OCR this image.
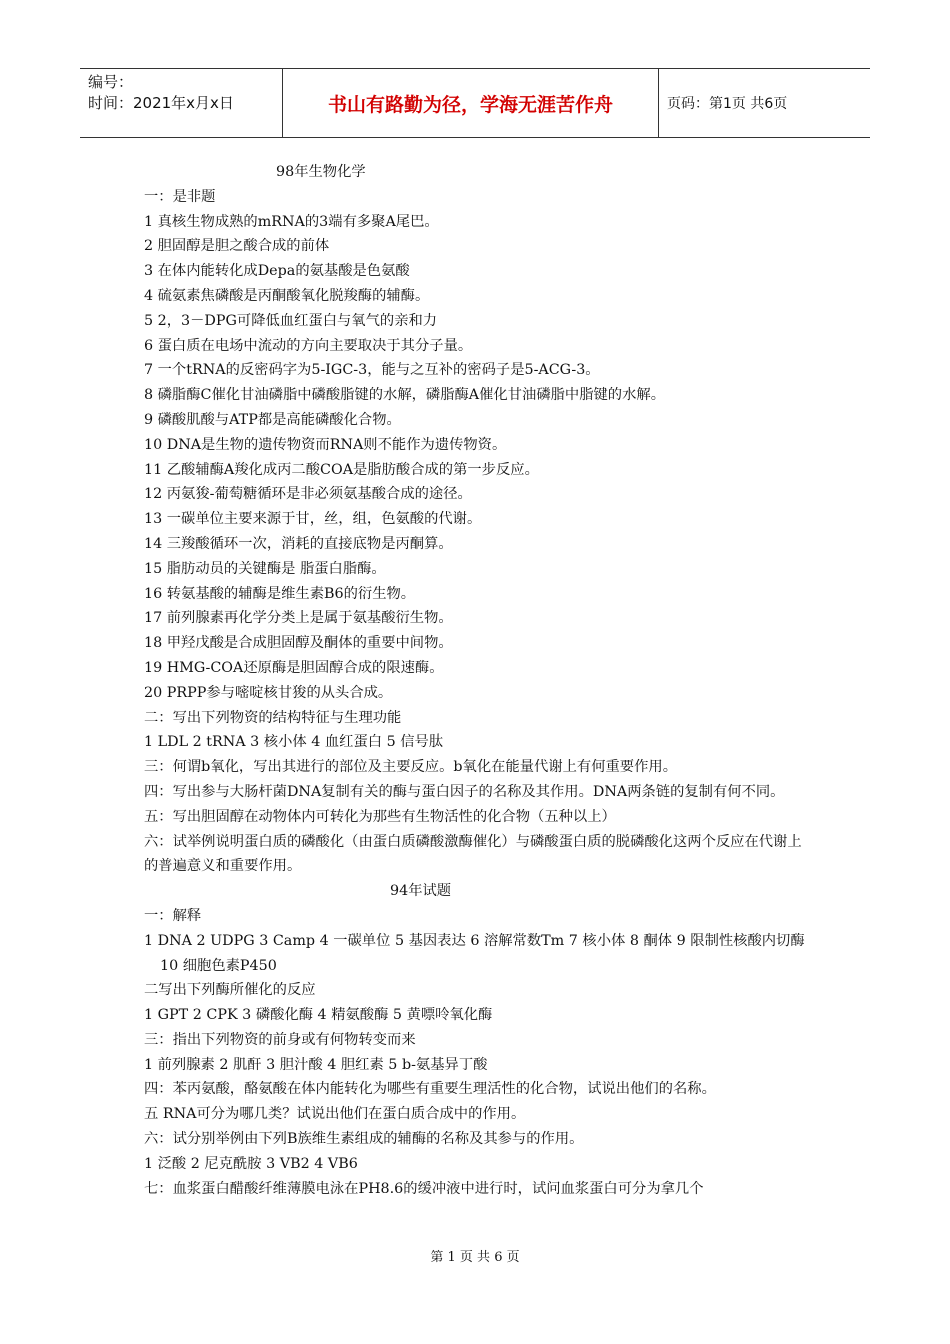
编号：
时间：2021年x月x日	书山有路勤为径，学海无涯苦作舟	页码：第1页 共6页

98年生物化学

一：是非题

1 真核生物成熟的mRNA的3端有多聚A尾巴。

2 胆固醇是胆之酸合成的前体

3 在体内能转化成Depa的氨基酸是色氨酸

4 硫氨素焦磷酸是丙酮酸氧化脱羧酶的辅酶。

5 2，3－DPG可降低血红蛋白与氧气的亲和力

6 蛋白质在电场中流动的方向主要取决于其分子量。

7 一个tRNA的反密码字为5-IGC-3，能与之互补的密码子是5-ACG-3。

8 磷脂酶C催化甘油磷脂中磷酸脂键的水解，磷脂酶A催化甘油磷脂中脂键的水解。

9 磷酸肌酸与ATP都是高能磷酸化合物。

10 DNA是生物的遗传物资而RNA则不能作为遗传物资。

11 乙酸辅酶A羧化成丙二酸COA是脂肪酸合成的第一步反应。

12 丙氨狻-葡萄糖循环是非必须氨基酸合成的途径。

13 一碳单位主要来源于甘，丝，组，色氨酸的代谢。

14 三羧酸循环一次，消耗的直接底物是丙酮算。

15 脂肪动员的关键酶是 脂蛋白脂酶。

16 转氨基酸的辅酶是维生素B6的衍生物。

17 前列腺素再化学分类上是属于氨基酸衍生物。

18 甲羟戊酸是合成胆固醇及酮体的重要中间物。

19 HMG-COA还原酶是胆固醇合成的限速酶。

20 PRPP参与嘧啶核甘狻的从头合成。

二：写出下列物资的结构特征与生理功能

1 LDL 2 tRNA 3 核小体 4 血红蛋白 5 信号肽

三：何谓b氧化，写出其进行的部位及主要反应。b氧化在能量代谢上有何重要作用。

四：写出参与大肠杆菌DNA复制有关的酶与蛋白因子的名称及其作用。DNA两条链的复制有何不同。

五：写出胆固醇在动物体内可转化为那些有生物活性的化合物（五种以上）

六：试举例说明蛋白质的磷酸化（由蛋白质磷酸激酶催化）与磷酸蛋白质的脱磷酸化这两个反应在代谢上的普遍意义和重要作用。

94年试题

一：解释

1 DNA 2 UDPG 3 Camp 4 一碳单位 5 基因表达 6 溶解常数Tm 7 核小体 8 酮体 9 限制性核酸内切酶 10 细胞色素P450

二写出下列酶所催化的反应

1 GPT 2 CPK 3 磷酸化酶 4 精氨酸酶 5 黄嘌呤氧化酶

三：指出下列物资的前身或有何物转变而来

1 前列腺素 2 肌酐 3 胆汁酸 4 胆红素 5 b-氨基异丁酸

四：苯丙氨酸，酪氨酸在体内能转化为哪些有重要生理活性的化合物，试说出他们的名称。

五 RNA可分为哪几类？试说出他们在蛋白质合成中的作用。

六：试分别举例由下列B族维生素组成的辅酶的名称及其参与的作用。

1 泛酸 2 尼克酰胺 3 VB2 4 VB6

七：血浆蛋白醋酸纤维薄膜电泳在PH8.6的缓冲液中进行时，试问血浆蛋白可分为拿几个

第 1 页 共 6 页
